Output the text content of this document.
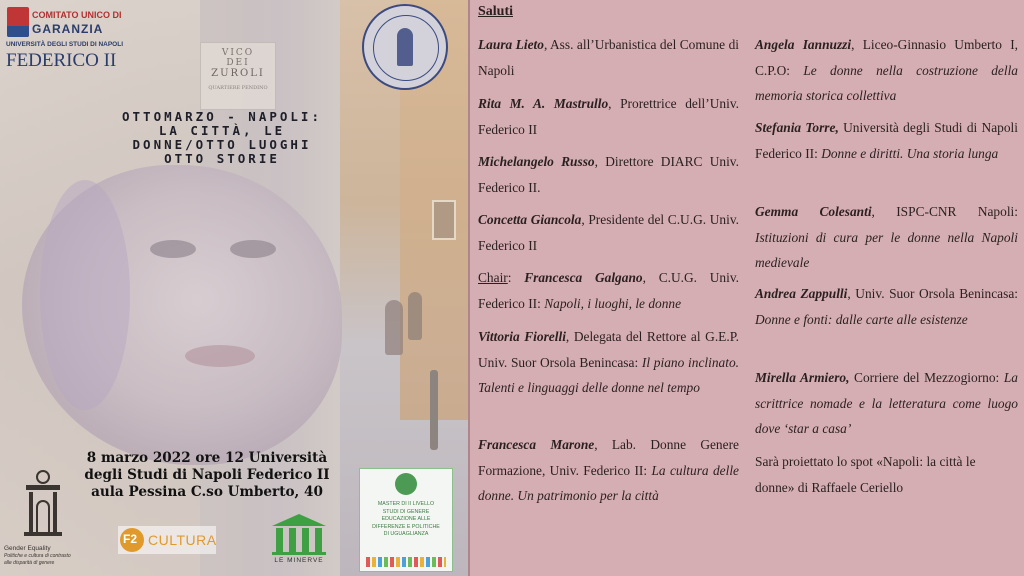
COMITATO UNICO DI
GARANZIA
UNIVERSITÀ DEGLI STUDI DI NAPOLI
FEDERICO II	VICO
DEI
ZUROLI
QUARTIERE PENDINO
OTTOMARZO - NAPOLI:
LA CITTÀ, LE
DONNE/OTTO LUOGHI
OTTO STORIE
8 marzo 2022 ore 12 Università
degli Studi di Napoli Federico II
aula Pessina C.so Umberto, 40
Gender Equality
Politiche e cultura di contrasto
alle disparità di genere
F2 CULTURA
LE MINERVE
MASTER DI II LIVELLO
STUDI DI GENERE
EDUCAZIONE ALLE
DIFFERENZE E POLITICHE
DI UGUAGLIANZA
Saluti
Laura Lieto, Ass. all’Urbanistica del Comune di Napoli
Rita M. A. Mastrullo, Prorettrice dell’Univ. Federico II
Michelangelo Russo, Direttore DIARC Univ. Federico II.
Concetta Giancola, Presidente del C.U.G. Univ. Federico II
Chair: Francesca Galgano, C.U.G. Univ. Federico II: Napoli, i luoghi, le donne
Vittoria Fiorelli, Delegata del Rettore al G.E.P. Univ. Suor Orsola Benincasa: Il piano inclinato. Talenti e linguaggi delle donne nel tempo
Francesca Marone, Lab. Donne Genere Formazione, Univ. Federico II: La cultura delle donne. Un patrimonio per la città
Angela Iannuzzi, Liceo-Ginnasio Umberto I, C.P.O: Le donne nella costruzione della memoria storica collettiva
Stefania Torre, Università degli Studi di Napoli Federico II: Donne e diritti. Una storia lunga
Gemma Colesanti, ISPC-CNR Napoli: Istituzioni di cura per le donne nella Napoli medievale
Andrea Zappulli, Univ. Suor Orsola Benincasa: Donne e fonti: dalle carte alle esistenze
Mirella Armiero, Corriere del Mezzogiorno: La scrittrice nomade e la letteratura come luogo dove ‘star a casa’
Sarà proiettato lo spot «Napoli: la città le donne» di Raffaele Ceriello
